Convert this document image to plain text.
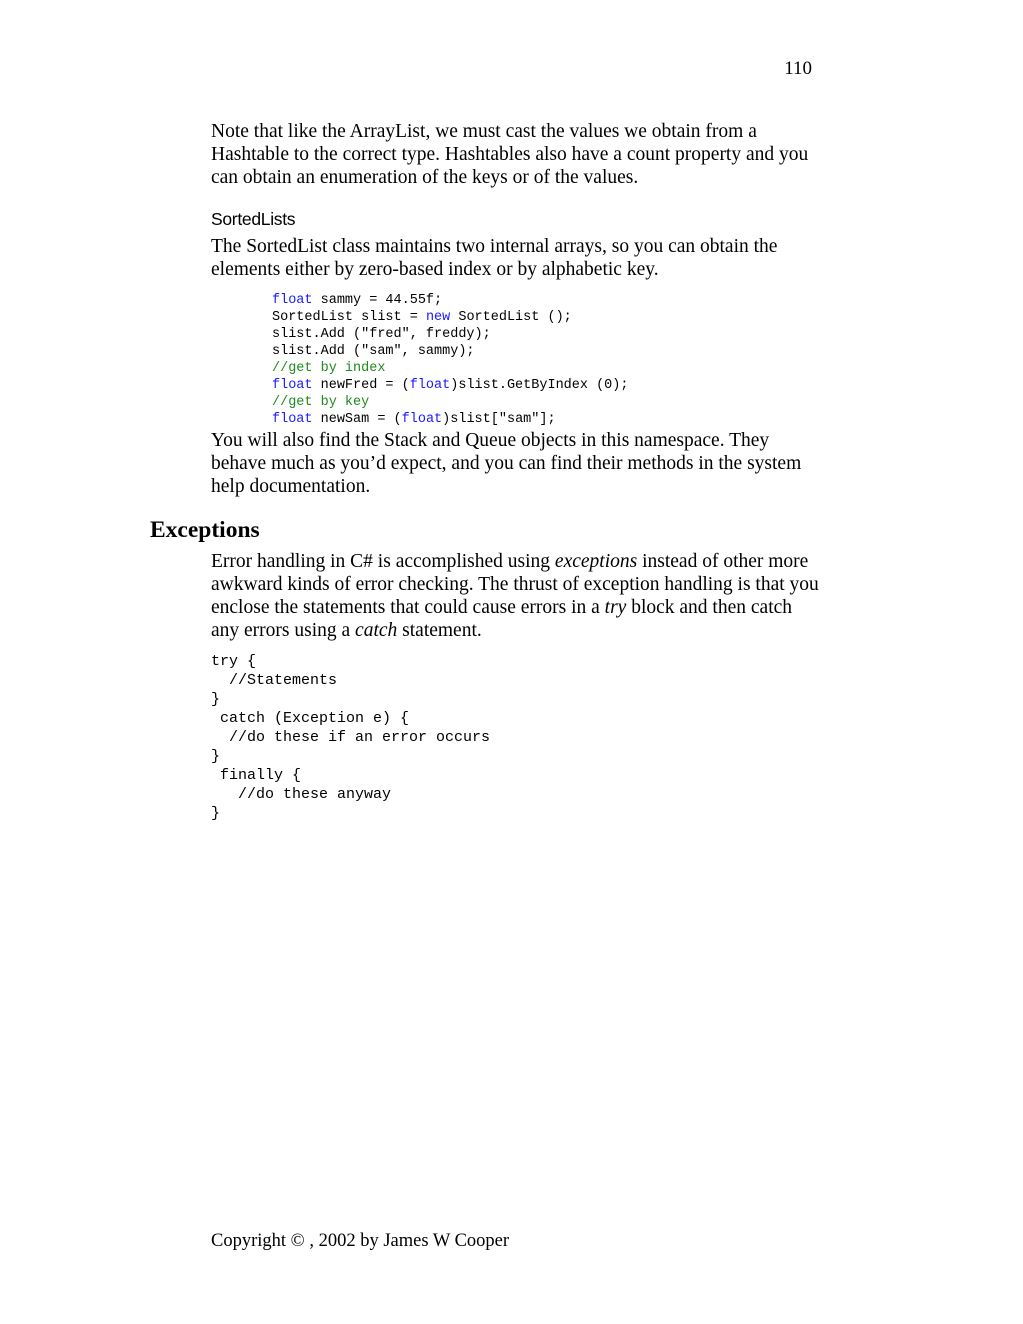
110

Note that like the ArrayList, we must cast the values we obtain from a Hashtable to the correct type. Hashtables also have a count property and you can obtain an enumeration of the keys or of the values.

SortedLists

The SortedList class maintains two internal arrays, so you can obtain the elements either by zero-based index or by alphabetic key.

float sammy = 44.55f;
SortedList slist = new SortedList ();
slist.Add ("fred", freddy);
slist.Add ("sam", sammy);
//get by index
float newFred = (float)slist.GetByIndex (0);
//get by key
float newSam = (float)slist["sam"];

You will also find the Stack and Queue objects in this namespace. They behave much as you’d expect, and you can find their methods in the system help documentation.

Exceptions

Error handling in C# is accomplished using exceptions instead of other more awkward kinds of error checking. The thrust of exception handling is that you enclose the statements that could cause errors in a try block and then catch any errors using a catch statement.

try {
//Statements
}
catch (Exception e) {
//do these if an error occurs
}
finally {
//do these anyway
}
Copyright © , 2002 by James W Cooper
